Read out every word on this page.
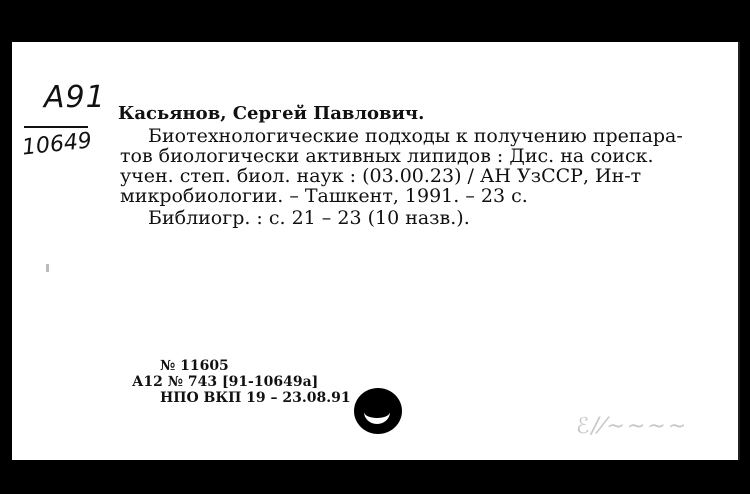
А91
10649
Касьянов, Сергей Павлович.
Биотехнологические подходы к получению препара-
тов биологически активных липидов : Дис. на соиск.
учен. степ. биол. наук : (03.00.23) / АН УзССР, Ин-т
микробиологии. – Ташкент, 1991. – 23 с.
Библиогр. : с. 21 – 23 (10 назв.).
№ 11605
А12 № 743 [91-10649а]
НПО ВКП 19 – 23.08.91
ℰ/⁄~~~~
